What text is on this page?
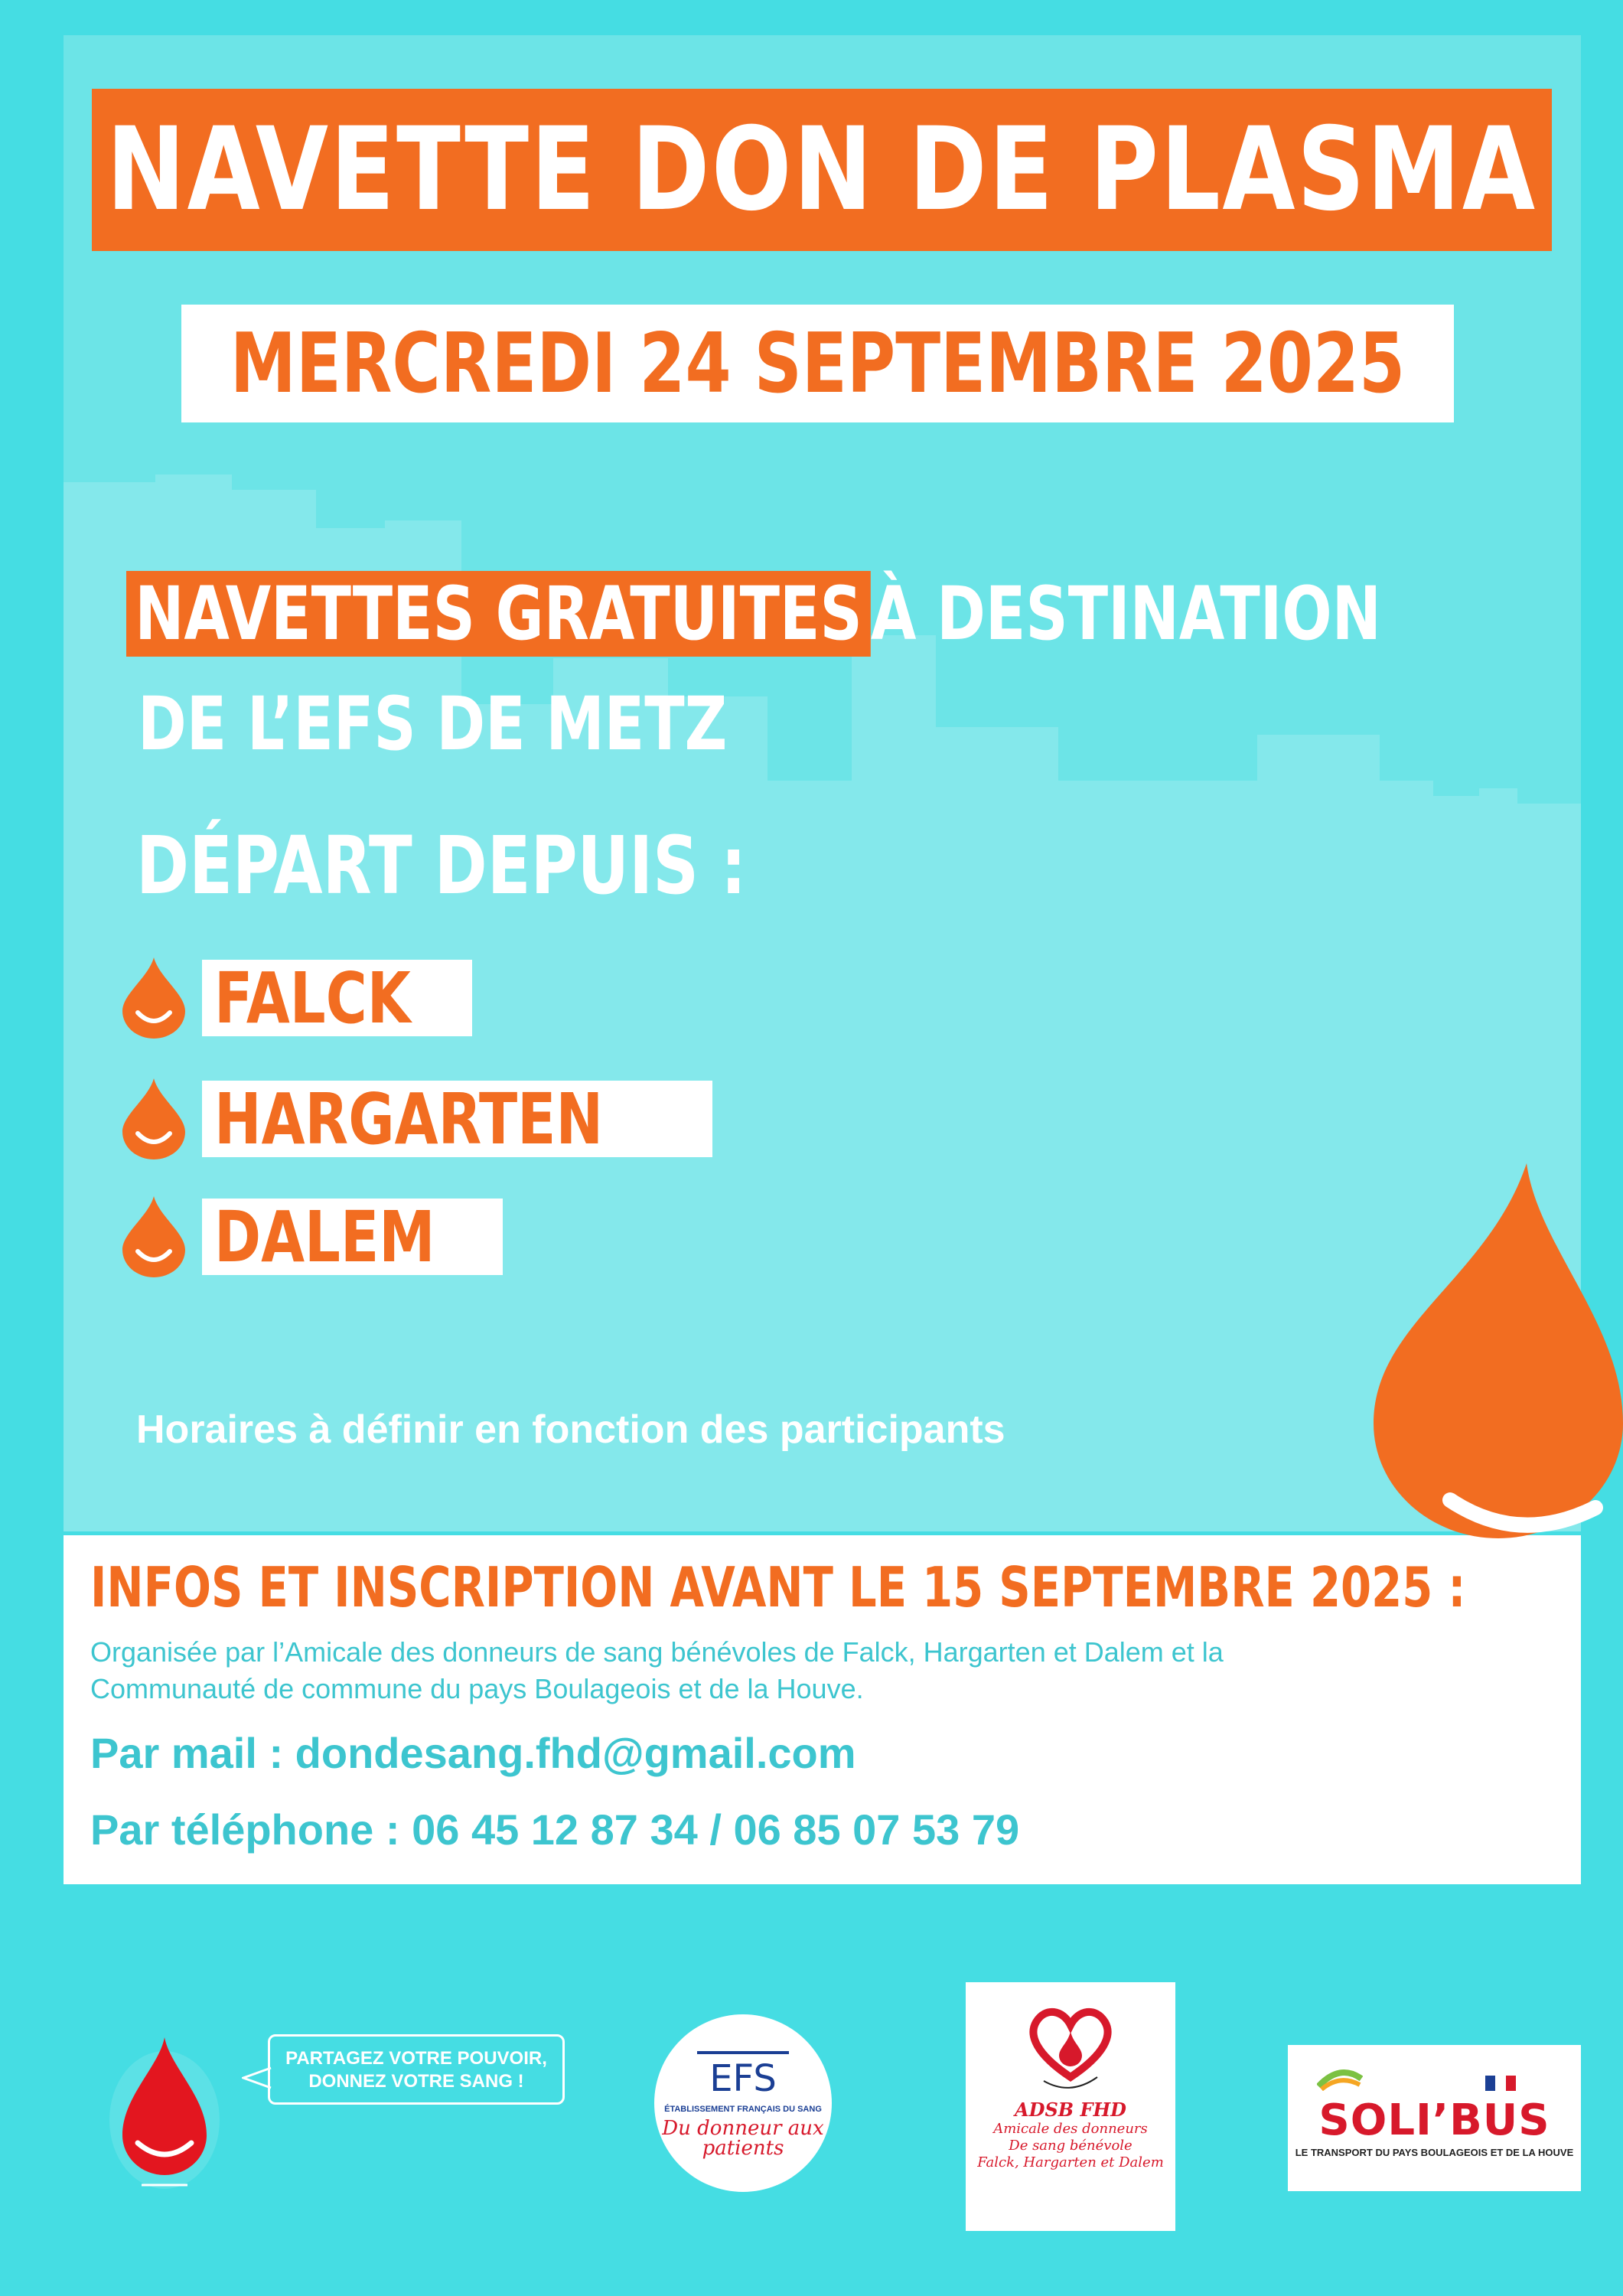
NAVETTE DON DE PLASMA
MERCREDI 24 SEPTEMBRE 2025
NAVETTES GRATUITES À DESTINATION
DE L’EFS DE METZ
DÉPART DEPUIS :
FALCK
HARGARTEN
DALEM
Horaires à définir en fonction des participants
INFOS ET INSCRIPTION AVANT LE 15 SEPTEMBRE 2025 :
Organisée par l’Amicale des donneurs de sang bénévoles de Falck, Hargarten et Dalem et la Communauté de commune du pays Boulageois et de la Houve.
Par mail : dondesang.fhd@gmail.com
Par téléphone : 06 45 12 87 34 / 06 85 07 53 79
PARTAGEZ VOTRE POUVOIR,
DONNEZ VOTRE SANG !	EFS
ÉTABLISSEMENT FRANÇAIS DU SANG
Du donneur aux patients
ADSB FHD
Amicale des donneurs
De sang bénévole
Falck, Hargarten et Dalem
SOLI’BUS
LE TRANSPORT DU PAYS BOULAGEOIS ET DE LA HOUVE
